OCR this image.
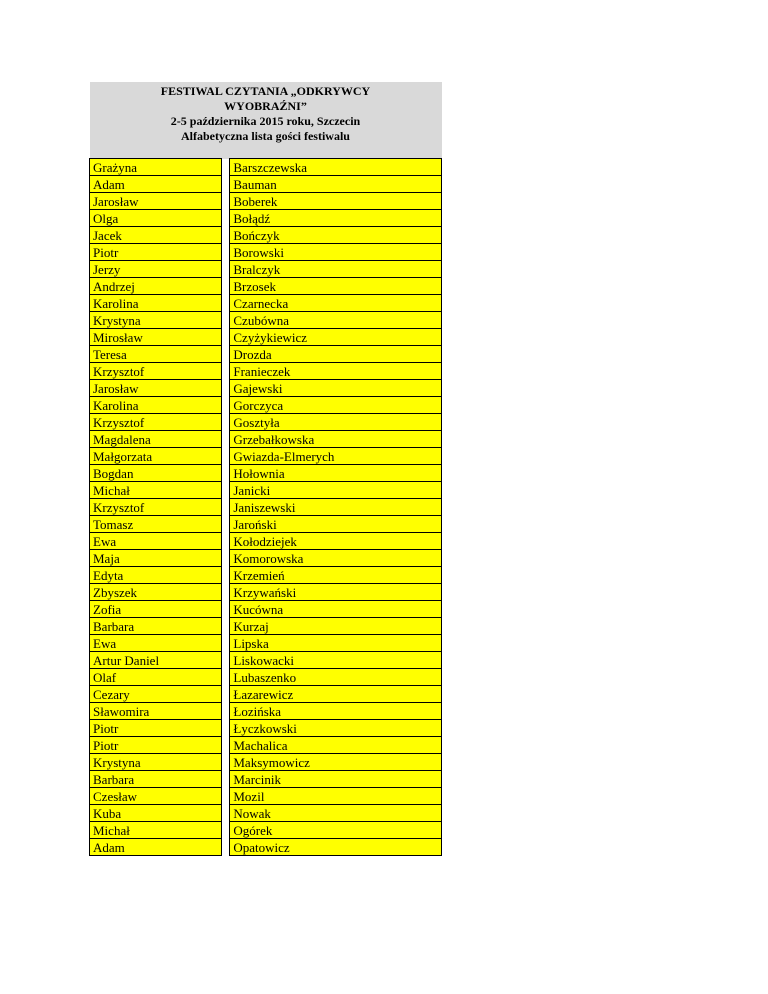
FESTIWAL CZYTANIA „ODKRYWCY
WYOBRAŹNI”
2-5 października 2015 roku, Szczecin
Alfabetyczna lista gości festiwalu		

Grażyna		Barszczewska
Adam		Bauman
Jarosław		Boberek
Olga		Bołądź
Jacek		Bończyk
Piotr		Borowski
Jerzy		Bralczyk
Andrzej		Brzosek
Karolina		Czarnecka
Krystyna		Czubówna
Mirosław		Czyżykiewicz
Teresa		Drozda
Krzysztof		Franieczek
Jarosław		Gajewski
Karolina		Gorczyca
Krzysztof		Gosztyła
Magdalena		Grzebałkowska
Małgorzata		Gwiazda-Elmerych
Bogdan		Hołownia
Michał		Janicki
Krzysztof		Janiszewski
Tomasz		Jaroński
Ewa		Kołodziejek
Maja		Komorowska
Edyta		Krzemień
Zbyszek		Krzywański
Zofia		Kucówna
Barbara		Kurzaj
Ewa		Lipska
Artur Daniel		Liskowacki
Olaf		Lubaszenko
Cezary		Łazarewicz
Sławomira		Łozińska
Piotr		Łyczkowski
Piotr		Machalica
Krystyna		Maksymowicz
Barbara		Marcinik
Czesław		Mozil
Kuba		Nowak
Michał		Ogórek
Adam		Opatowicz
